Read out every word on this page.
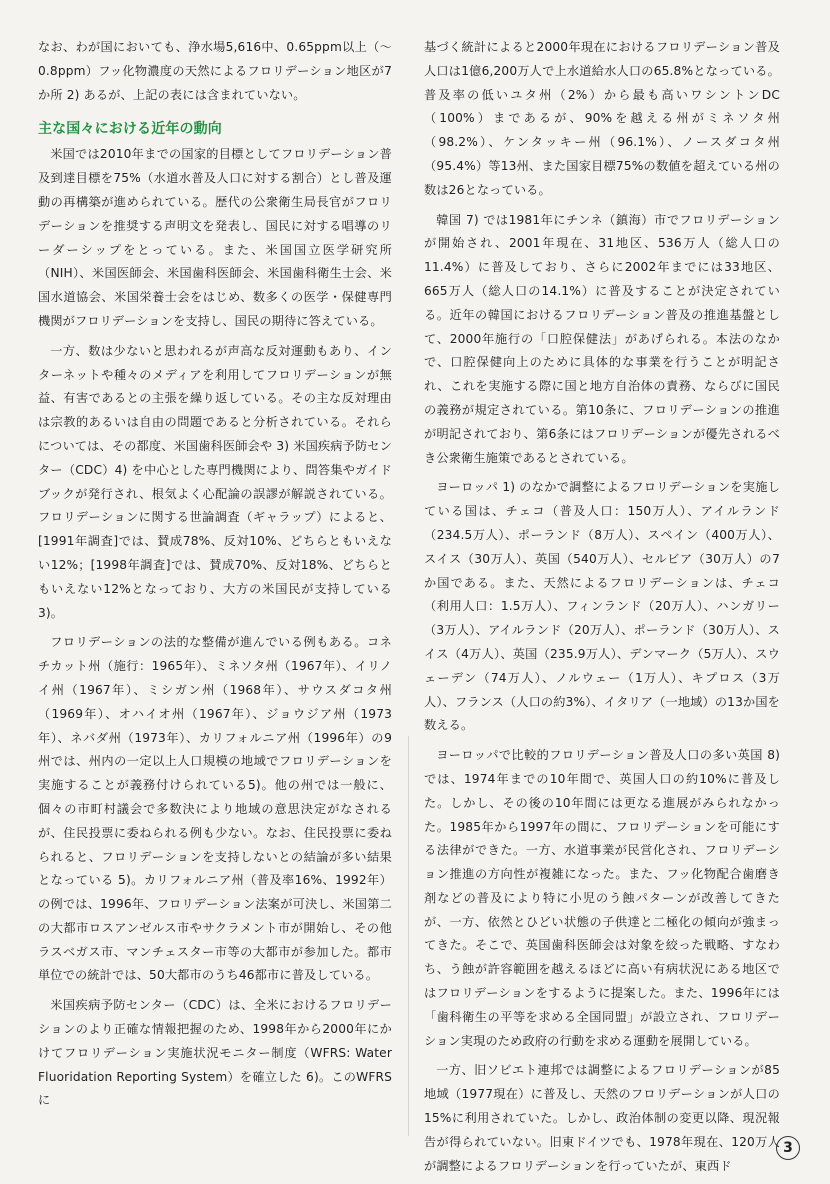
なお、わが国においても、浄水場5,616中、0.65ppm以上（～0.8ppm）フッ化物濃度の天然によるフロリデーション地区が7か所 2) あるが、上記の表には含まれていない。

主な国々における近年の動向

米国では2010年までの国家的目標としてフロリデーション普及到達目標を75%（水道水普及人口に対する割合）とし普及運動の再構築が進められている。歴代の公衆衛生局長官がフロリデーションを推奨する声明文を発表し、国民に対する唱導のリーダーシップをとっている。また、米国国立医学研究所（NIH）、米国医師会、米国歯科医師会、米国歯科衛生士会、米国水道協会、米国栄養士会をはじめ、数多くの医学・保健専門機関がフロリデーションを支持し、国民の期待に答えている。

一方、数は少ないと思われるが声高な反対運動もあり、インターネットや種々のメディアを利用してフロリデーションが無益、有害であるとの主張を繰り返している。その主な反対理由は宗教的あるいは自由の問題であると分析されている。それらについては、その都度、米国歯科医師会や 3) 米国疾病予防センター（CDC）4) を中心とした専門機関により、問答集やガイドブックが発行され、根気よく心配論の誤謬が解説されている。フロリデーションに関する世論調査（ギャラップ）によると、[1991年調査]では、賛成78%、反対10%、どちらともいえない12%；[1998年調査]では、賛成70%、反対18%、どちらともいえない12%となっており、大方の米国民が支持している 3)。

フロリデーションの法的な整備が進んでいる例もある。コネチカット州（施行：1965年）、ミネソタ州（1967年）、イリノイ州（1967年）、ミシガン州（1968年）、サウスダコタ州（1969年）、オハイオ州（1967年）、ジョウジア州（1973年）、ネバダ州（1973年）、カリフォルニア州（1996年）の9州では、州内の一定以上人口規模の地域でフロリデーションを実施することが義務付けられている5)。他の州では一般に、個々の市町村議会で多数決により地域の意思決定がなされるが、住民投票に委ねられる例も少ない。なお、住民投票に委ねられると、フロリデーションを支持しないとの結論が多い結果となっている 5)。カリフォルニア州（普及率16%、1992年）の例では、1996年、フロリデーション法案が可決し、米国第二の大都市ロスアンゼルス市やサクラメント市が開始し、その他ラスベガス市、マンチェスター市等の大都市が参加した。都市単位での統計では、50大都市のうち46都市に普及している。

米国疾病予防センター（CDC）は、全米におけるフロリデーションのより正確な情報把握のため、1998年から2000年にかけてフロリデーション実施状況モニター制度（WFRS: Water Fluoridation Reporting System）を確立した 6)。このWFRSに

基づく統計によると2000年現在におけるフロリデーション普及人口は1億6,200万人で上水道給水人口の65.8%となっている。普及率の低いユタ州（2%）から最も高いワシントンDC（100%）まであるが、90%を越える州がミネソタ州（98.2%）、ケンタッキー州（96.1%）、ノースダコタ州（95.4%）等13州、また国家目標75%の数値を超えている州の数は26となっている。

韓国 7) では1981年にチンネ（鎮海）市でフロリデーションが開始され、2001年現在、31地区、536万人（総人口の11.4%）に普及しており、さらに2002年までには33地区、665万人（総人口の14.1%）に普及することが決定されている。近年の韓国におけるフロリデーション普及の推進基盤として、2000年施行の「口腔保健法」があげられる。本法のなかで、口腔保健向上のために具体的な事業を行うことが明記され、これを実施する際に国と地方自治体の責務、ならびに国民の義務が規定されている。第10条に、フロリデーションの推進が明記されており、第6条にはフロリデーションが優先されるべき公衆衛生施策であるとされている。

ヨーロッパ 1) のなかで調整によるフロリデーションを実施している国は、チェコ（普及人口：150万人）、アイルランド（234.5万人）、ポーランド（8万人）、スペイン（400万人）、スイス（30万人）、英国（540万人）、セルビア（30万人）の7か国である。また、天然によるフロリデーションは、チェコ（利用人口：1.5万人）、フィンランド（20万人）、ハンガリー（3万人）、アイルランド（20万人）、ポーランド（30万人）、スイス（4万人）、英国（235.9万人）、デンマーク（5万人）、スウェーデン（74万人）、ノルウェー（1万人）、キプロス（3万人）、フランス（人口の約3%）、イタリア（一地域）の13か国を数える。

ヨーロッパで比較的フロリデーション普及人口の多い英国 8) では、1974年までの10年間で、英国人口の約10%に普及した。しかし、その後の10年間には更なる進展がみられなかった。1985年から1997年の間に、フロリデーションを可能にする法律ができた。一方、水道事業が民営化され、フロリデーション推進の方向性が複雑になった。また、フッ化物配合歯磨き剤などの普及により特に小児のう蝕パターンが改善してきたが、一方、依然とひどい状態の子供達と二極化の傾向が強まってきた。そこで、英国歯科医師会は対象を絞った戦略、すなわち、う蝕が許容範囲を越えるほどに高い有病状況にある地区ではフロリデーションをするように提案した。また、1996年には「歯科衛生の平等を求める全国同盟」が設立され、フロリデーション実現のため政府の行動を求める運動を展開している。

一方、旧ソビエト連邦では調整によるフロリデーションが85地域（1977現在）に普及し、天然のフロリデーションが人口の15%に利用されていた。しかし、政治体制の変更以降、現況報告が得られていない。旧東ドイツでも、1978年現在、120万人が調整によるフロリデーションを行っていたが、東西ド

3
